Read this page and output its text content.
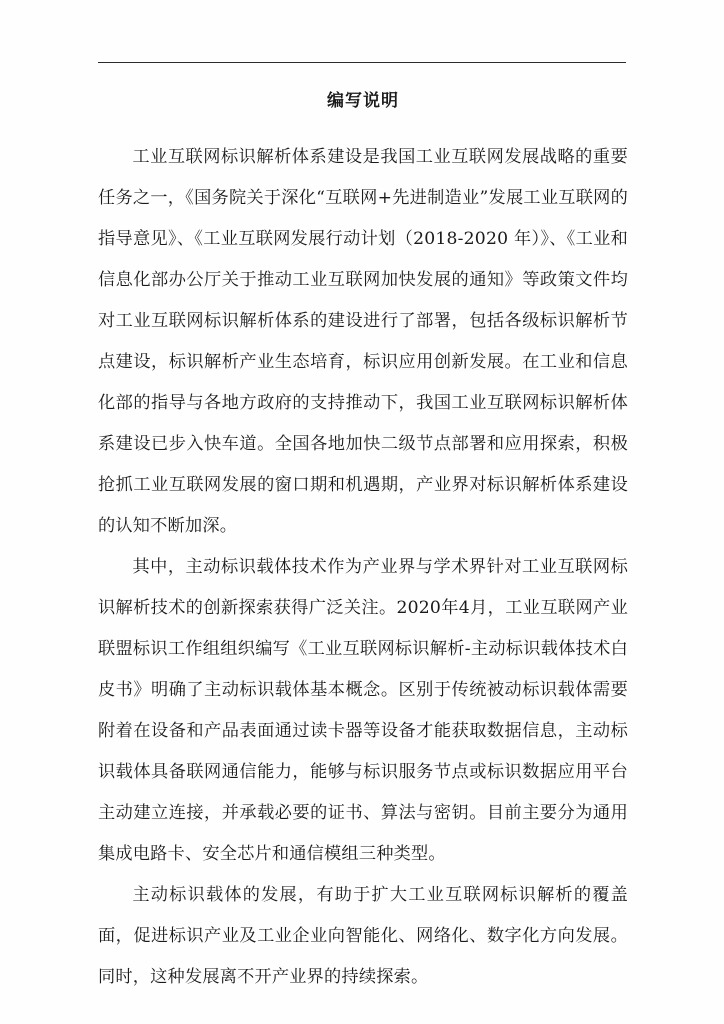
编写说明

工业互联网标识解析体系建设是我国工业互联网发展战略的重要任务之一，《国务院关于深化“互联网+先进制造业”发展工业互联网的指导意见》、《工业互联网发展行动计划（2018-2020 年）》、《工业和信息化部办公厅关于推动工业互联网加快发展的通知》等政策文件均对工业互联网标识解析体系的建设进行了部署，包括各级标识解析节点建设，标识解析产业生态培育，标识应用创新发展。在工业和信息化部的指导与各地方政府的支持推动下，我国工业互联网标识解析体系建设已步入快车道。全国各地加快二级节点部署和应用探索，积极抢抓工业互联网发展的窗口期和机遇期，产业界对标识解析体系建设的认知不断加深。

其中，主动标识载体技术作为产业界与学术界针对工业互联网标识解析技术的创新探索获得广泛关注。2020年4月，工业互联网产业联盟标识工作组组织编写《工业互联网标识解析-主动标识载体技术白皮书》明确了主动标识载体基本概念。区别于传统被动标识载体需要附着在设备和产品表面通过读卡器等设备才能获取数据信息，主动标识载体具备联网通信能力，能够与标识服务节点或标识数据应用平台主动建立连接，并承载必要的证书、算法与密钥。目前主要分为通用集成电路卡、安全芯片和通信模组三种类型。

主动标识载体的发展，有助于扩大工业互联网标识解析的覆盖面，促进标识产业及工业企业向智能化、网络化、数字化方向发展。同时，这种发展离不开产业界的持续探索。
